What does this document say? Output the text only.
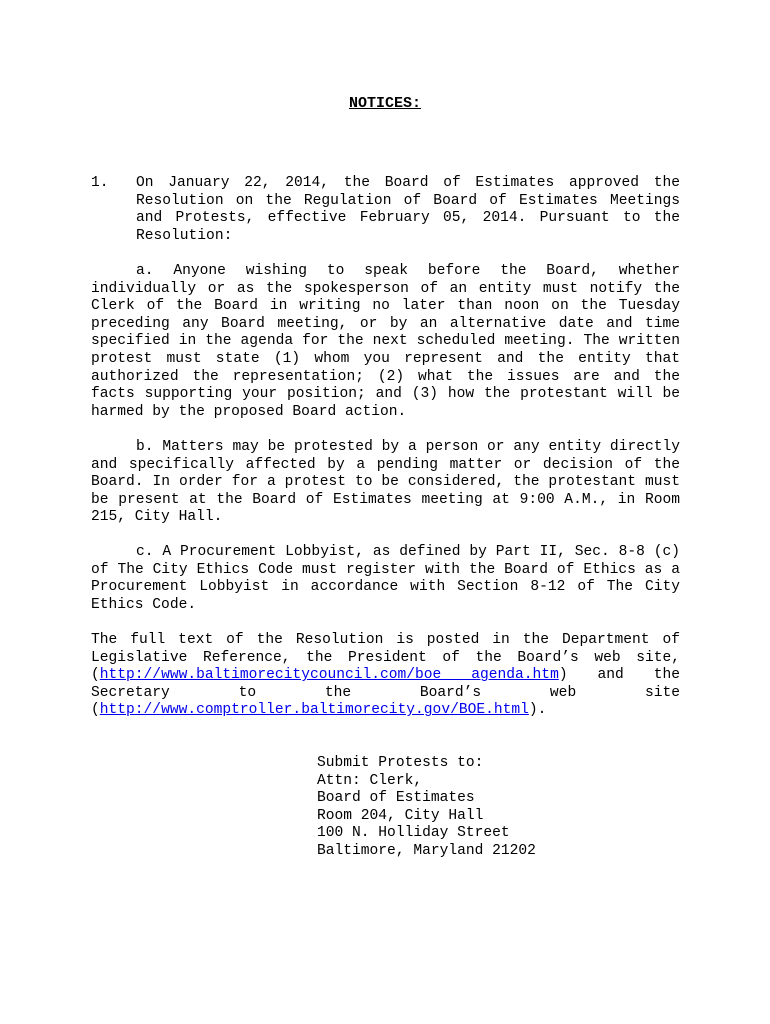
NOTICES:
1. On January 22, 2014, the Board of Estimates approved the Resolution on the Regulation of Board of Estimates Meetings and Protests, effective February 05, 2014. Pursuant to the Resolution:
a. Anyone wishing to speak before the Board, whether individually or as the spokesperson of an entity must notify the Clerk of the Board in writing no later than noon on the Tuesday preceding any Board meeting, or by an alternative date and time specified in the agenda for the next scheduled meeting. The written protest must state (1) whom you represent and the entity that authorized the representation; (2) what the issues are and the facts supporting your position; and (3) how the protestant will be harmed by the proposed Board action.
b. Matters may be protested by a person or any entity directly and specifically affected by a pending matter or decision of the Board. In order for a protest to be considered, the protestant must be present at the Board of Estimates meeting at 9:00 A.M., in Room 215, City Hall.
c. A Procurement Lobbyist, as defined by Part II, Sec. 8-8 (c) of The City Ethics Code must register with the Board of Ethics as a Procurement Lobbyist in accordance with Section 8-12 of The City Ethics Code.
The full text of the Resolution is posted in the Department of Legislative Reference, the President of the Board’s web site, (http://www.baltimorecitycouncil.com/boe agenda.htm) and the Secretary to the Board’s web site (http://www.comptroller.baltimorecity.gov/BOE.html).
Submit Protests to:
Attn: Clerk,
Board of Estimates
Room 204, City Hall
100 N. Holliday Street
Baltimore, Maryland 21202
